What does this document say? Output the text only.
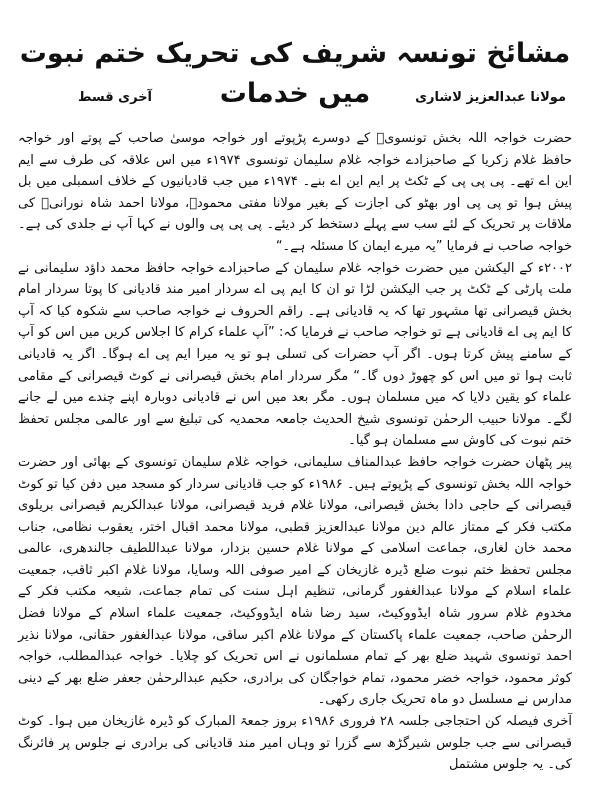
مشائخ تونسہ شریف کی تحریک ختم نبوت میں خدمات	مولانا عبدالعزیز لاشاری
آخری قسط

حضرت خواجہ اللہ بخش تونسویؒ کے دوسرے پڑپوتے اور خواجہ موسیٰ صاحب کے پوتے اور خواجہ حافظ غلام زکریا کے صاحبزادے خواجہ غلام سلیمان تونسوی ۱۹۷۴ء میں اس علاقہ کی طرف سے ایم این اے تھے۔ پی پی پی کے ٹکٹ پر ایم این اے بنے۔ ۱۹۷۴ء میں جب قادیانیوں کے خلاف اسمبلی میں بل پیش ہوا تو پی پی اور بھٹو کی اجازت کے بغیر مولانا مفتی محمودؒ، مولانا احمد شاہ نورانیؒ کی ملاقات پر تحریک کے لئے سب سے پہلے دستخط کر دیئے۔ پی پی پی والوں نے کہا آپ نے جلدی کی ہے۔ خواجہ صاحب نے فرمایا ”یہ میرے ایمان کا مسئلہ ہے۔“

۲۰۰۲ء کے الیکشن میں حضرت خواجہ غلام سلیمان کے صاحبزادے خواجہ حافظ محمد داؤد سلیمانی نے ملت پارٹی کے ٹکٹ پر جب الیکشن لڑا تو ان کا ایم پی اے سردار امیر مند قادیانی کا پوتا سردار امام بخش قیصرانی تھا مشہور تھا کہ یہ قادیانی ہے۔ راقم الحروف نے خواجہ صاحب سے شکوہ کیا کہ آپ کا ایم پی اے قادیانی ہے تو خواجہ صاحب نے فرمایا کہ: ”آپ علماء کرام کا اجلاس کریں میں اس کو آپ کے سامنے پیش کرتا ہوں۔ اگر آپ حضرات کی تسلی ہو تو یہ میرا ایم پی اے ہوگا۔ اگر یہ قادیانی ثابت ہوا تو میں اس کو چھوڑ دوں گا۔“ مگر سردار امام بخش قیصرانی نے کوٹ قیصرانی کے مقامی علماء کو یقین دلایا کہ میں مسلمان ہوں۔ مگر بعد میں اس نے قادیانی دوبارہ اپنے چندے میں لے جانے لگے۔ مولانا حبیب الرحمٰن تونسوی شیخ الحدیث جامعہ محمدیہ کی تبلیغ سے اور عالمی مجلس تحفظ ختم نبوت کی کاوش سے مسلمان ہو گیا۔

پیر پٹھان حضرت خواجہ حافظ عبدالمناف سلیمانی، خواجہ غلام سلیمان تونسوی کے بھائی اور حضرت خواجہ اللہ بخش تونسوی کے پڑپوتے ہیں۔ ۱۹۸۶ء کو جب قادیانی سردار کو مسجد میں دفن کیا تو کوٹ قیصرانی کے حاجی دادا بخش قیصرانی، مولانا غلام فرید قیصرانی، مولانا عبدالکریم قیصرانی بریلوی مکتب فکر کے ممتاز عالم دین مولانا عبدالعزیز قطبی، مولانا محمد اقبال اختر، یعقوب نظامی، جناب محمد خان لغاری، جماعت اسلامی کے مولانا غلام حسین بزدار، مولانا عبداللطیف جالندھری، عالمی مجلس تحفظ ختم نبوت ضلع ڈیرہ غازیخان کے امیر صوفی اللہ وسایا، مولانا غلام اکبر ثاقب، جمعیت علماء اسلام کے مولانا عبدالغفور گرمانی، تنظیم اہل سنت کی تمام جماعت، شیعہ مکتب فکر کے مخدوم غلام سرور شاہ ایڈووکیٹ، سید رضا شاہ ایڈووکیٹ، جمعیت علماء اسلام کے مولانا فضل الرحمٰن صاحب، جمعیت علماء پاکستان کے مولانا غلام اکبر ساقی، مولانا عبدالغفور حقانی، مولانا نذیر احمد تونسوی شہید ضلع بھر کے تمام مسلمانوں نے اس تحریک کو چلایا۔ خواجہ عبدالمطلب، خواجہ کوثر محمود، خواجہ خضر محمود، تمام خواجگان کی برادری، حکیم عبدالرحمٰن جعفر ضلع بھر کے دینی مدارس نے مسلسل دو ماہ تحریک جاری رکھی۔

آخری فیصلہ کن احتجاجی جلسہ ۲۸ فروری ۱۹۸۶ء بروز جمعۃ المبارک کو ڈیرہ غازیخان میں ہوا۔ کوٹ قیصرانی سے جب جلوس شیرگڑھ سے گزرا تو وہاں امیر مند قادیانی کی برادری نے جلوس پر فائرنگ کی۔ یہ جلوس مشتمل
